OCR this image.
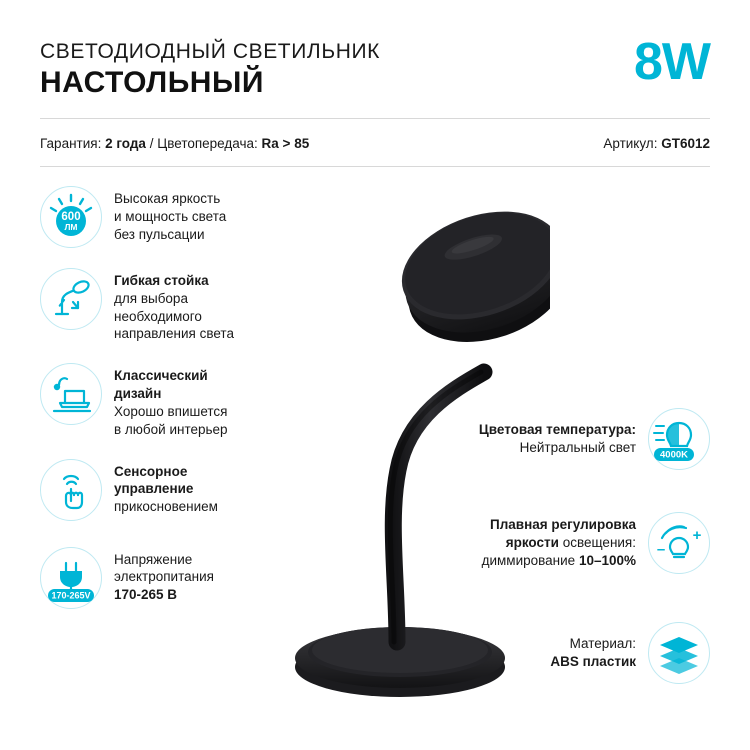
СВЕТОДИОДНЫЙ СВЕТИЛЬНИК
НАСТОЛЬНЫЙ	8W
Гарантия: 2 года / Цветопередача: Ra > 85	Артикул: GT6012
600
ЛМ
Высокая яркость
и мощность света
без пульсации
Гибкая стойка
для выбора
необходимого
направления света
Классический
дизайн
Хорошо впишется
в любой интерьер
Сенсорное
управление
прикосновением
170-265V
Напряжение
электропитания
170-265 В
Цветовая температура:
Нейтральный свет	4000K
Плавная регулировка
яркости освещения:
диммирование 10–100%
–
+
Материал:
ABS пластик
